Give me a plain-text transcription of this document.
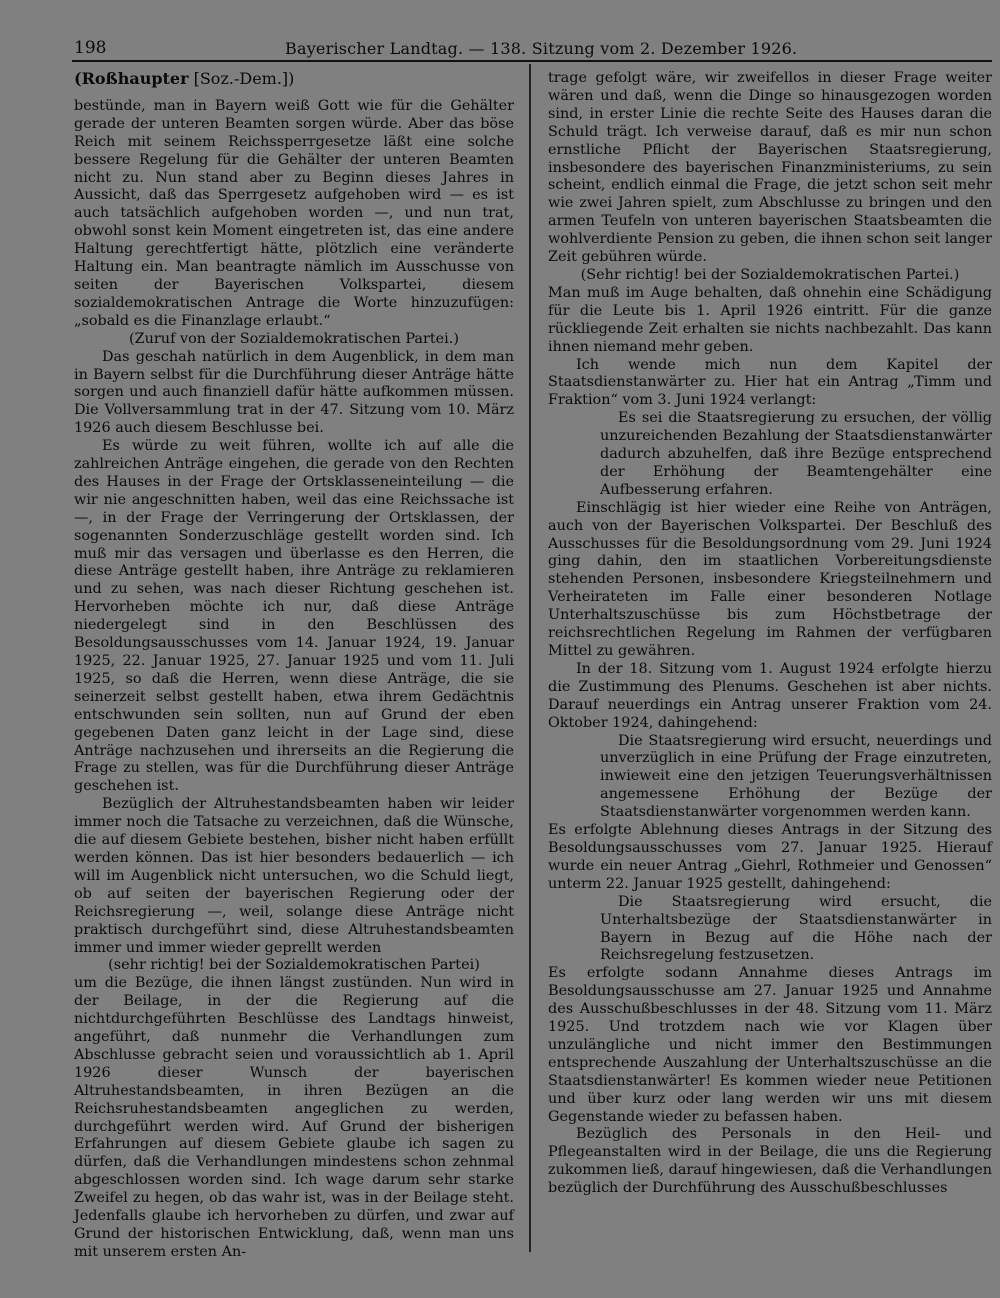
198	Bayerischer Landtag. — 138. Sitzung vom 2. Dezember 1926.

(Roßhaupter [Soz.-Dem.])

bestünde, man in Bayern weiß Gott wie für die Gehälter gerade der unteren Beamten sorgen würde. Aber das böse Reich mit seinem Reichssperrgesetze läßt eine solche bessere Regelung für die Gehälter der unteren Beamten nicht zu. Nun stand aber zu Beginn dieses Jahres in Aussicht, daß das Sperrgesetz aufgehoben wird — es ist auch tatsächlich aufgehoben worden —, und nun trat, obwohl sonst kein Moment eingetreten ist, das eine andere Haltung gerechtfertigt hätte, plötzlich eine veränderte Haltung ein. Man beantragte nämlich im Ausschusse von seiten der Bayerischen Volkspartei, diesem sozialdemokratischen Antrage die Worte hinzuzufügen: „sobald es die Finanzlage erlaubt.“

(Zuruf von der Sozialdemokratischen Partei.)

Das geschah natürlich in dem Augenblick, in dem man in Bayern selbst für die Durchführung dieser Anträge hätte sorgen und auch finanziell dafür hätte aufkommen müssen. Die Vollversammlung trat in der 47. Sitzung vom 10. März 1926 auch diesem Beschlusse bei.

Es würde zu weit führen, wollte ich auf alle die zahlreichen Anträge eingehen, die gerade von den Rechten des Hauses in der Frage der Ortsklasseneinteilung — die wir nie angeschnitten haben, weil das eine Reichssache ist —, in der Frage der Verringerung der Ortsklassen, der sogenannten Sonderzuschläge gestellt worden sind. Ich muß mir das versagen und überlasse es den Herren, die diese Anträge gestellt haben, ihre Anträge zu reklamieren und zu sehen, was nach dieser Richtung geschehen ist. Hervorheben möchte ich nur, daß diese Anträge niedergelegt sind in den Beschlüssen des Besoldungsausschusses vom 14. Januar 1924, 19. Januar 1925, 22. Januar 1925, 27. Januar 1925 und vom 11. Juli 1925, so daß die Herren, wenn diese Anträge, die sie seinerzeit selbst gestellt haben, etwa ihrem Gedächtnis entschwunden sein sollten, nun auf Grund der eben gegebenen Daten ganz leicht in der Lage sind, diese Anträge nachzusehen und ihrerseits an die Regierung die Frage zu stellen, was für die Durchführung dieser Anträge geschehen ist.

Bezüglich der Altruhestandsbeamten haben wir leider immer noch die Tatsache zu verzeichnen, daß die Wünsche, die auf diesem Gebiete bestehen, bisher nicht haben erfüllt werden können. Das ist hier besonders bedauerlich — ich will im Augenblick nicht untersuchen, wo die Schuld liegt, ob auf seiten der bayerischen Regierung oder der Reichsregierung —, weil, solange diese Anträge nicht praktisch durchgeführt sind, diese Altruhestandsbeamten immer und immer wieder geprellt werden

(sehr richtig! bei der Sozialdemokratischen Partei)

um die Bezüge, die ihnen längst zustünden. Nun wird in der Beilage, in der die Regierung auf die nichtdurchgeführten Beschlüsse des Landtags hinweist, angeführt, daß nunmehr die Verhandlungen zum Abschlusse gebracht seien und voraussichtlich ab 1. April 1926 dieser Wunsch der bayerischen Altruhestandsbeamten, in ihren Bezügen an die Reichsruhestandsbeamten angeglichen zu werden, durchgeführt werden wird. Auf Grund der bisherigen Erfahrungen auf diesem Gebiete glaube ich sagen zu dürfen, daß die Verhandlungen mindestens schon zehnmal abgeschlossen worden sind. Ich wage darum sehr starke Zweifel zu hegen, ob das wahr ist, was in der Beilage steht. Jedenfalls glaube ich hervorheben zu dürfen, und zwar auf Grund der historischen Entwicklung, daß, wenn man uns mit unserem ersten An-

trage gefolgt wäre, wir zweifellos in dieser Frage weiter wären und daß, wenn die Dinge so hinausgezogen worden sind, in erster Linie die rechte Seite des Hauses daran die Schuld trägt. Ich verweise darauf, daß es mir nun schon ernstliche Pflicht der Bayerischen Staatsregierung, insbesondere des bayerischen Finanzministeriums, zu sein scheint, endlich einmal die Frage, die jetzt schon seit mehr wie zwei Jahren spielt, zum Abschlusse zu bringen und den armen Teufeln von unteren bayerischen Staatsbeamten die wohlverdiente Pension zu geben, die ihnen schon seit langer Zeit gebühren würde.

(Sehr richtig! bei der Sozialdemokratischen Partei.)

Man muß im Auge behalten, daß ohnehin eine Schädigung für die Leute bis 1. April 1926 eintritt. Für die ganze rückliegende Zeit erhalten sie nichts nachbezahlt. Das kann ihnen niemand mehr geben.

Ich wende mich nun dem Kapitel der Staatsdienstanwärter zu. Hier hat ein Antrag „Timm und Fraktion“ vom 3. Juni 1924 verlangt:

Es sei die Staatsregierung zu ersuchen, der völlig unzureichenden Bezahlung der Staatsdienstanwärter dadurch abzuhelfen, daß ihre Bezüge entsprechend der Erhöhung der Beamtengehälter eine Aufbesserung erfahren.

Einschlägig ist hier wieder eine Reihe von Anträgen, auch von der Bayerischen Volkspartei. Der Beschluß des Ausschusses für die Besoldungsordnung vom 29. Juni 1924 ging dahin, den im staatlichen Vorbereitungsdienste stehenden Personen, insbesondere Kriegsteilnehmern und Verheirateten im Falle einer besonderen Notlage Unterhaltszuschüsse bis zum Höchstbetrage der reichsrechtlichen Regelung im Rahmen der verfügbaren Mittel zu gewähren.

In der 18. Sitzung vom 1. August 1924 erfolgte hierzu die Zustimmung des Plenums. Geschehen ist aber nichts. Darauf neuerdings ein Antrag unserer Fraktion vom 24. Oktober 1924, dahingehend:

Die Staatsregierung wird ersucht, neuerdings und unverzüglich in eine Prüfung der Frage einzutreten, inwieweit eine den jetzigen Teuerungsverhältnissen angemessene Erhöhung der Bezüge der Staatsdienstanwärter vorgenommen werden kann.

Es erfolgte Ablehnung dieses Antrags in der Sitzung des Besoldungsausschusses vom 27. Januar 1925. Hierauf wurde ein neuer Antrag „Giehrl, Rothmeier und Genossen“ unterm 22. Januar 1925 gestellt, dahingehend:

Die Staatsregierung wird ersucht, die Unterhaltsbezüge der Staatsdienstanwärter in Bayern in Bezug auf die Höhe nach der Reichsregelung festzusetzen.

Es erfolgte sodann Annahme dieses Antrags im Besoldungsausschusse am 27. Januar 1925 und Annahme des Ausschußbeschlusses in der 48. Sitzung vom 11. März 1925. Und trotzdem nach wie vor Klagen über unzulängliche und nicht immer den Bestimmungen entsprechende Auszahlung der Unterhaltszuschüsse an die Staatsdienstanwärter! Es kommen wieder neue Petitionen und über kurz oder lang werden wir uns mit diesem Gegenstande wieder zu befassen haben.

Bezüglich des Personals in den Heil- und Pflegeanstalten wird in der Beilage, die uns die Regierung zukommen ließ, darauf hingewiesen, daß die Verhandlungen bezüglich der Durchführung des Ausschußbeschlusses
